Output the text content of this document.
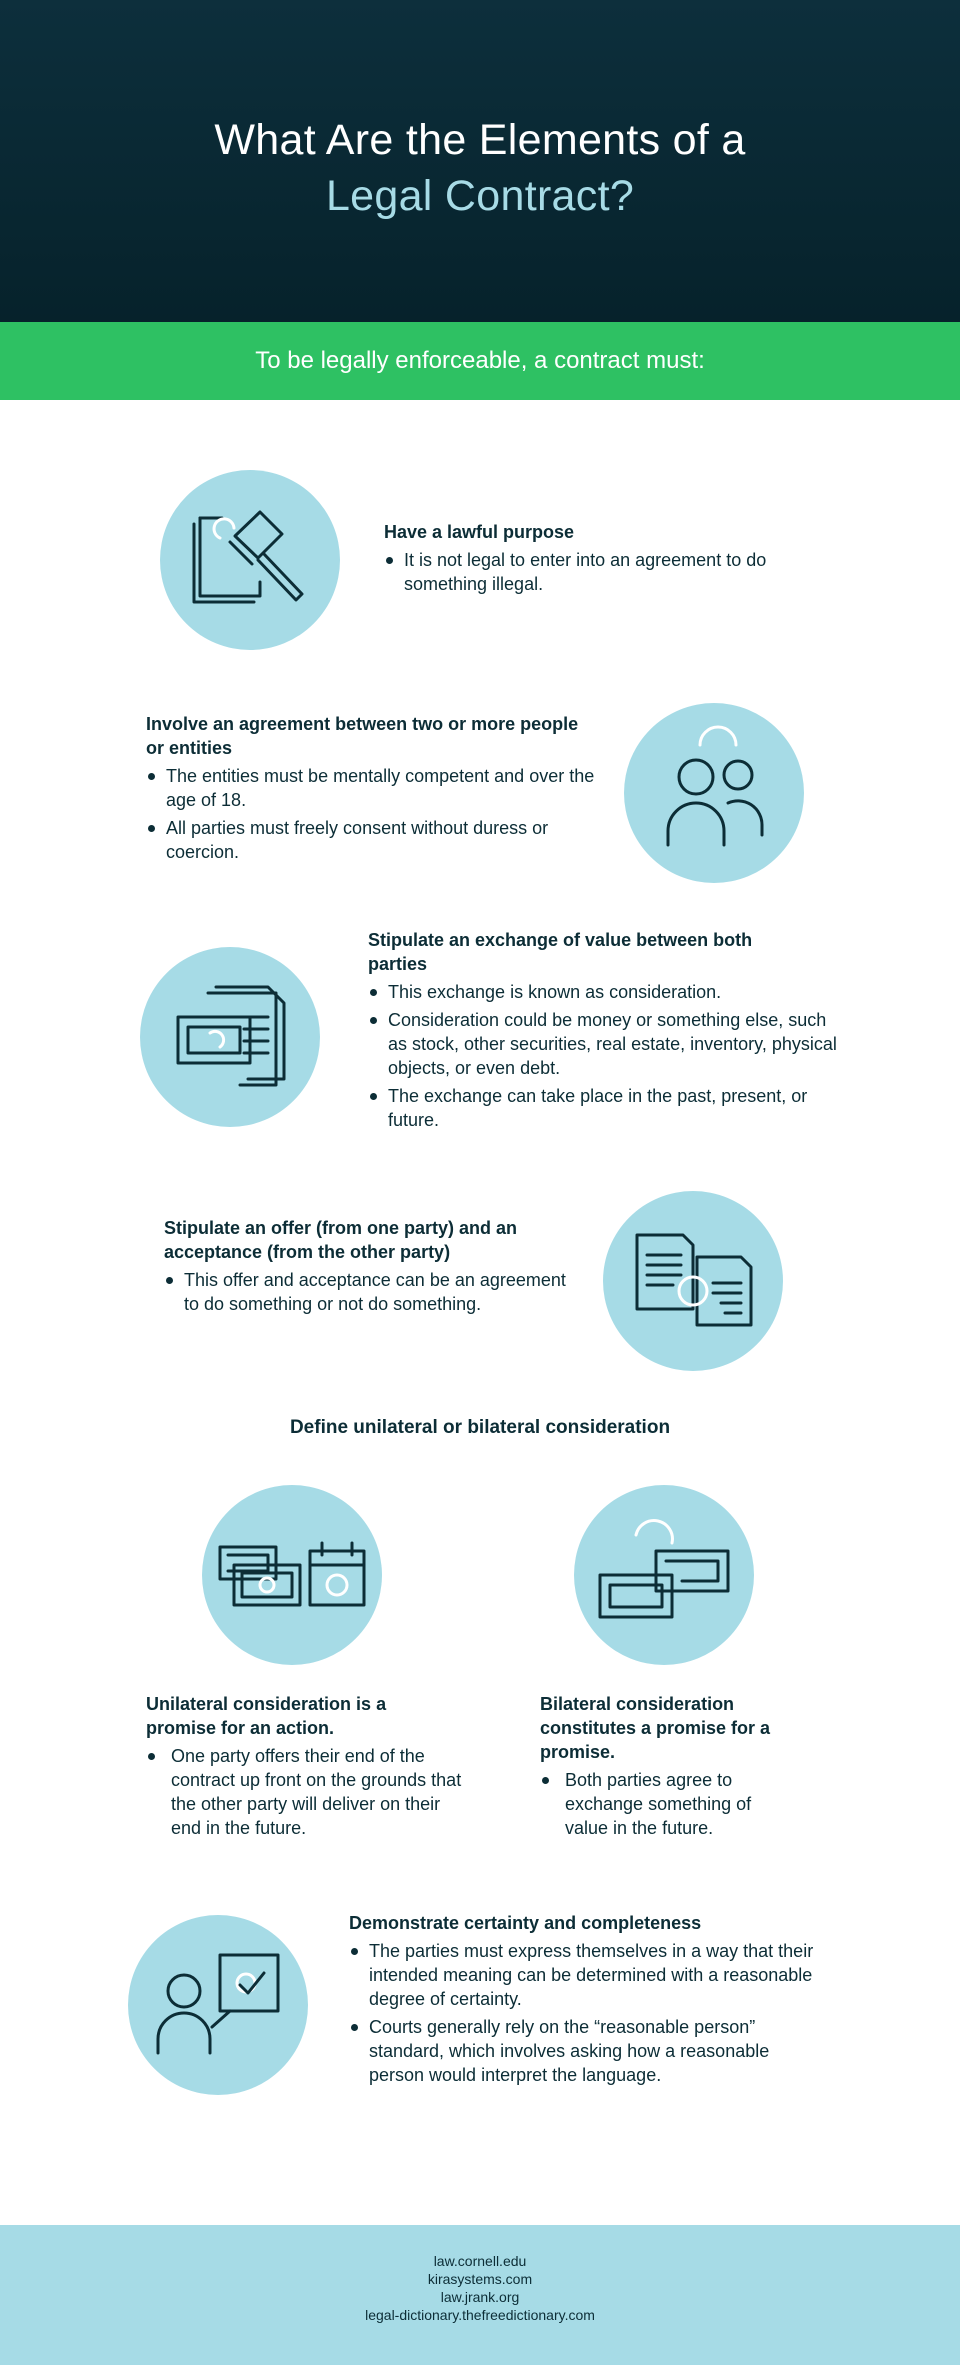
What Are the Elements of a
Legal Contract?
To be legally enforceable, a contract must:
Have a lawful purpose
It is not legal to enter into an agreement to do something illegal.
Involve an agreement between two or more people or entities
The entities must be mentally competent and over the age of 18.
All parties must freely consent without duress or coercion.
Stipulate an exchange of value between both parties
This exchange is known as consideration.
Consideration could be money or something else, such as stock, other securities, real estate, inventory, physical objects, or even debt.
The exchange can take place in the past, present, or future.
Stipulate an offer (from one party) and an acceptance (from the other party)
This offer and acceptance can be an agreement to do something or not do something.
Define unilateral or bilateral consideration
Unilateral consideration is a promise for an action.
One party offers their end of the contract up front on the grounds that the other party will deliver on their end in the future.
Bilateral consideration constitutes a promise for a promise.
Both parties agree to exchange something of value in the future.
Demonstrate certainty and completeness
The parties must express themselves in a way that their intended meaning can be determined with a reasonable degree of certainty.
Courts generally rely on the “reasonable person” standard, which involves asking how a reasonable person would interpret the language.
law.cornell.edu
kirasystems.com
law.jrank.org
legal-dictionary.thefreedictionary.com
